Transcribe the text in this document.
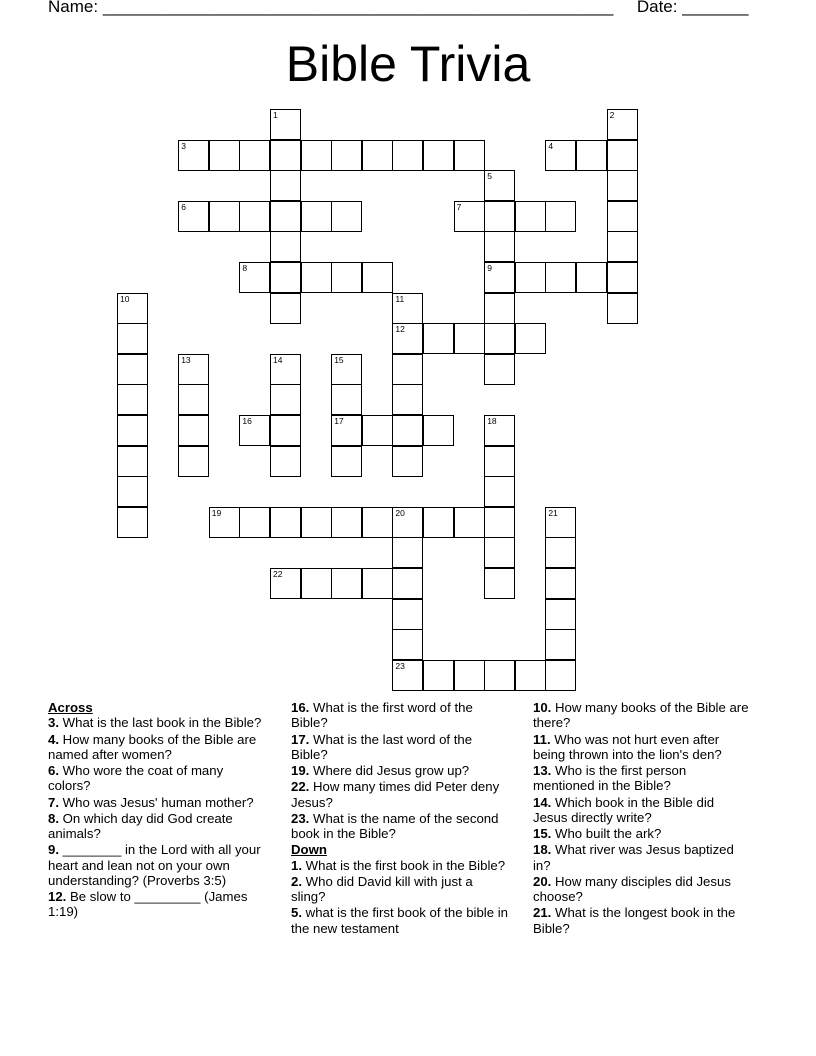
Name: ______________________________________________________ Date: _______
Bible Trivia
1	2
3	4
5
9
6	7
8
10	11
12
13	14	15
17
16	18
19	20
23
21
22
Across
3. What is the last book in the Bible?
4. How many books of the Bible are named after women?
6. Who wore the coat of many colors?
7. Who was Jesus' human mother?
8. On which day did God create animals?
9. ________ in the Lord with all your heart and lean not on your own understanding? (Proverbs 3:5)
12. Be slow to _________ (James 1:19)
16. What is the first word of the Bible?
17. What is the last word of the Bible?
19. Where did Jesus grow up?
22. How many times did Peter deny Jesus?
23. What is the name of the second book in the Bible?
Down
1. What is the first book in the Bible?
2. Who did David kill with just a sling?
5. what is the first book of the bible in the new testament
10. How many books of the Bible are there?
11. Who was not hurt even after being thrown into the lion's den?
13. Who is the first person mentioned in the Bible?
14. Which book in the Bible did Jesus directly write?
15. Who built the ark?
18. What river was Jesus baptized in?
20. How many disciples did Jesus choose?
21. What is the longest book in the Bible?
